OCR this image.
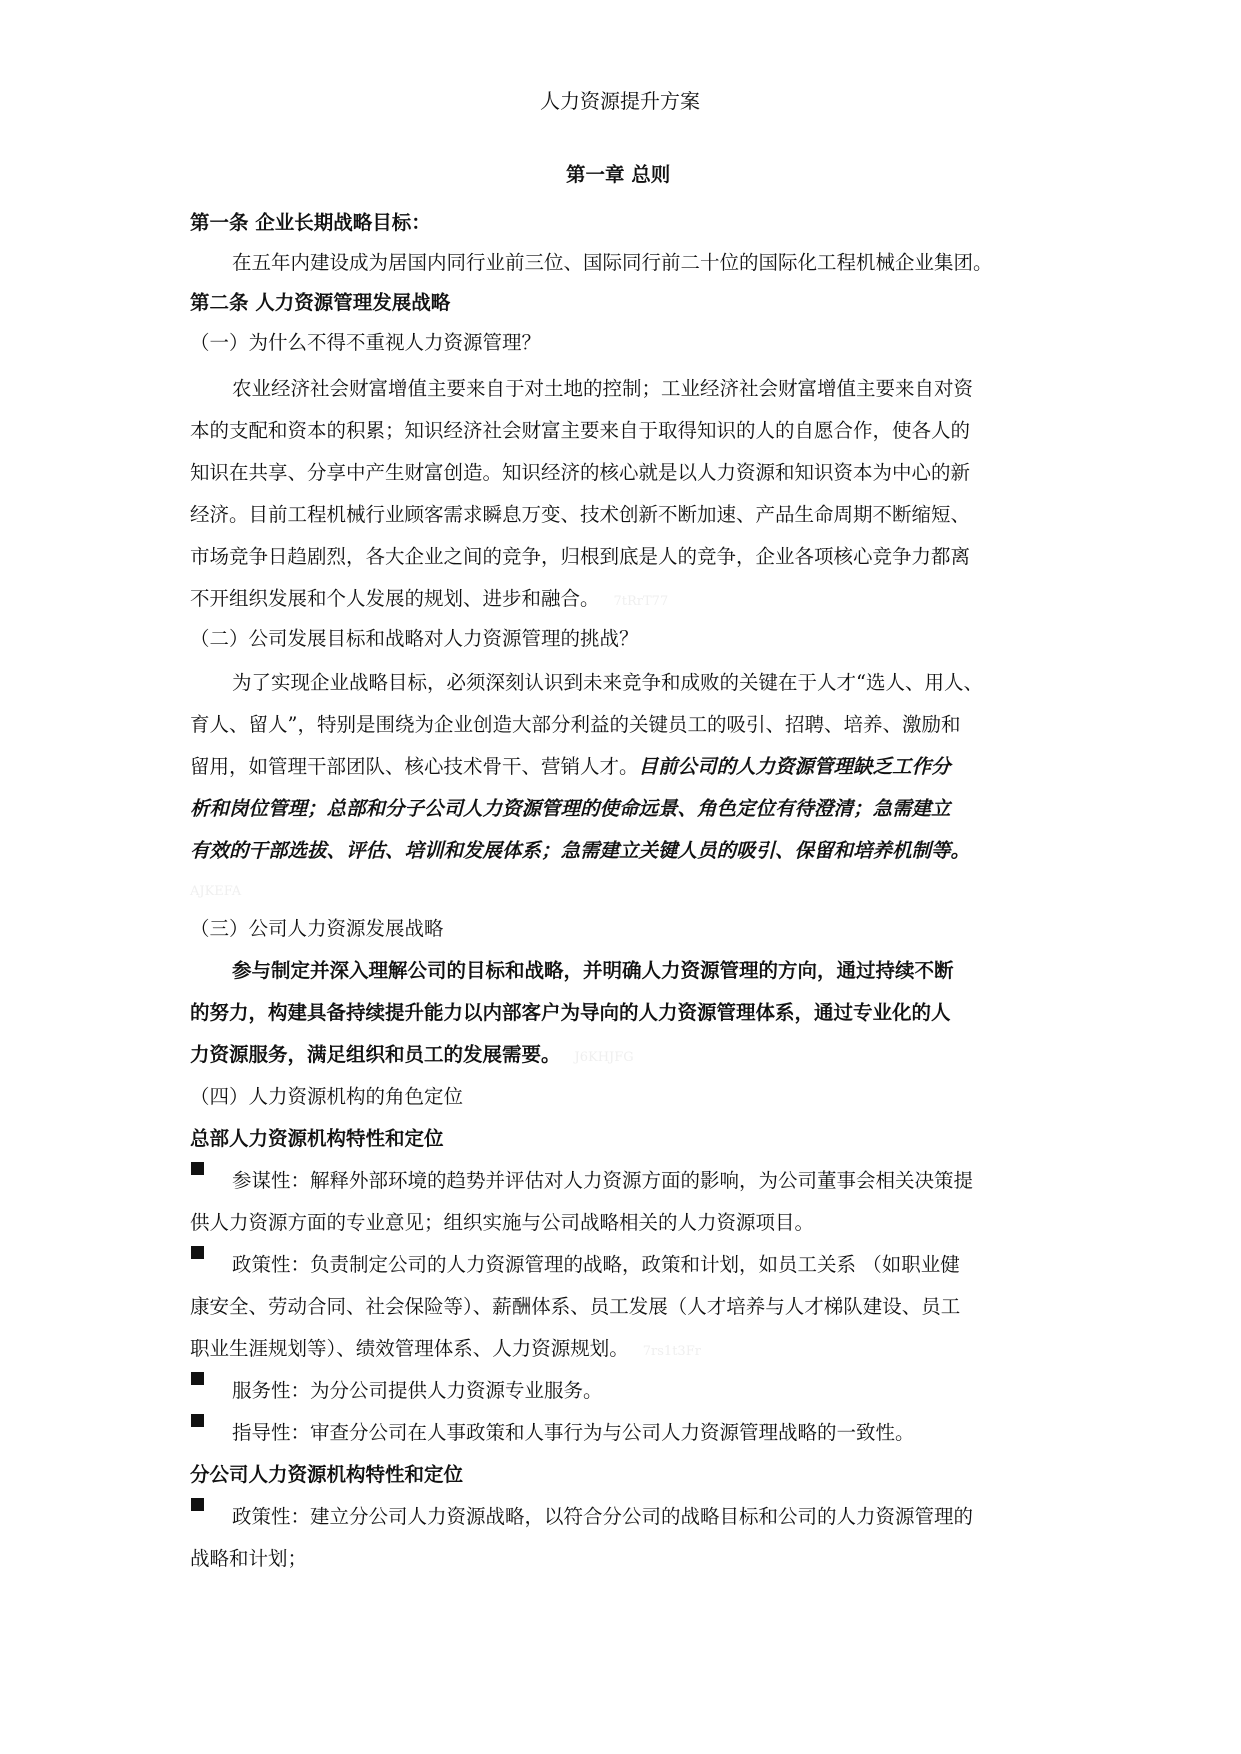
人力资源提升方案
第一章 总则
第一条 企业长期战略目标：
在五年内建设成为居国内同行业前三位、国际同行前二十位的国际化工程机械企业集团。
第二条 人力资源管理发展战略
（一）为什么不得不重视人力资源管理？
农业经济社会财富增值主要来自于对土地的控制；工业经济社会财富增值主要来自对资
本的支配和资本的积累；知识经济社会财富主要来自于取得知识的人的自愿合作，使各人的
知识在共享、分享中产生财富创造。知识经济的核心就是以人力资源和知识资本为中心的新
经济。目前工程机械行业顾客需求瞬息万变、技术创新不断加速、产品生命周期不断缩短、
市场竞争日趋剧烈，各大企业之间的竞争，归根到底是人的竞争，企业各项核心竞争力都离
不开组织发展和个人发展的规划、进步和融合。 7tRrT77
（二）公司发展目标和战略对人力资源管理的挑战？
为了实现企业战略目标，必须深刻认识到未来竞争和成败的关键在于人才“选人、用人、
育人、留人”，特别是围绕为企业创造大部分利益的关键员工的吸引、招聘、培养、激励和
留用，如管理干部团队、核心技术骨干、营销人才。目前公司的人力资源管理缺乏工作分
析和岗位管理；总部和分子公司人力资源管理的使命远景、角色定位有待澄清；急需建立
有效的干部选拔、评估、培训和发展体系；急需建立关键人员的吸引、保留和培养机制等。
AJKEFA
（三）公司人力资源发展战略
参与制定并深入理解公司的目标和战略，并明确人力资源管理的方向，通过持续不断
的努力，构建具备持续提升能力以内部客户为导向的人力资源管理体系，通过专业化的人
力资源服务，满足组织和员工的发展需要。 J6KHJFG
（四）人力资源机构的角色定位
总部人力资源机构特性和定位
参谋性：解释外部环境的趋势并评估对人力资源方面的影响，为公司董事会相关决策提
供人力资源方面的专业意见；组织实施与公司战略相关的人力资源项目。
政策性：负责制定公司的人力资源管理的战略，政策和计划，如员工关系 （如职业健
康安全、劳动合同、社会保险等）、薪酬体系、员工发展（人才培养与人才梯队建设、员工
职业生涯规划等）、绩效管理体系、人力资源规划。 7rs1t3Fr
服务性：为分公司提供人力资源专业服务。
指导性：审查分公司在人事政策和人事行为与公司人力资源管理战略的一致性。
分公司人力资源机构特性和定位
政策性：建立分公司人力资源战略，以符合分公司的战略目标和公司的人力资源管理的
战略和计划；
